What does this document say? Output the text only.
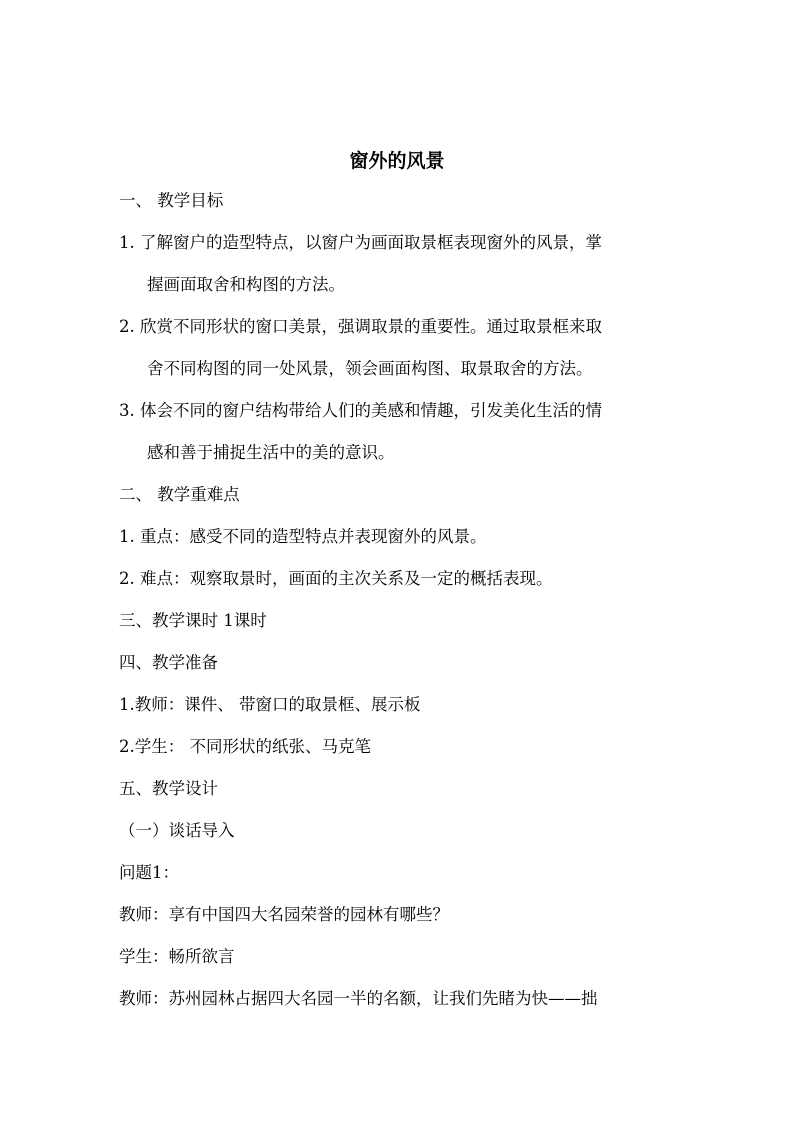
窗外的风景
一、 教学目标
1. 了解窗户的造型特点，以窗户为画面取景框表现窗外的风景，掌
握画面取舍和构图的方法。
2. 欣赏不同形状的窗口美景，强调取景的重要性。通过取景框来取
舍不同构图的同一处风景，领会画面构图、取景取舍的方法。
3. 体会不同的窗户结构带给人们的美感和情趣，引发美化生活的情
感和善于捕捉生活中的美的意识。
二、 教学重难点
1. 重点：感受不同的造型特点并表现窗外的风景。
2. 难点：观察取景时，画面的主次关系及一定的概括表现。
三、教学课时 1课时
四、教学准备
1.教师：课件、 带窗口的取景框、展示板
2.学生： 不同形状的纸张、马克笔
五、教学设计
（一）谈话导入
问题1：
教师：享有中国四大名园荣誉的园林有哪些？
学生：畅所欲言
教师：苏州园林占据四大名园一半的名额，让我们先睹为快——拙
